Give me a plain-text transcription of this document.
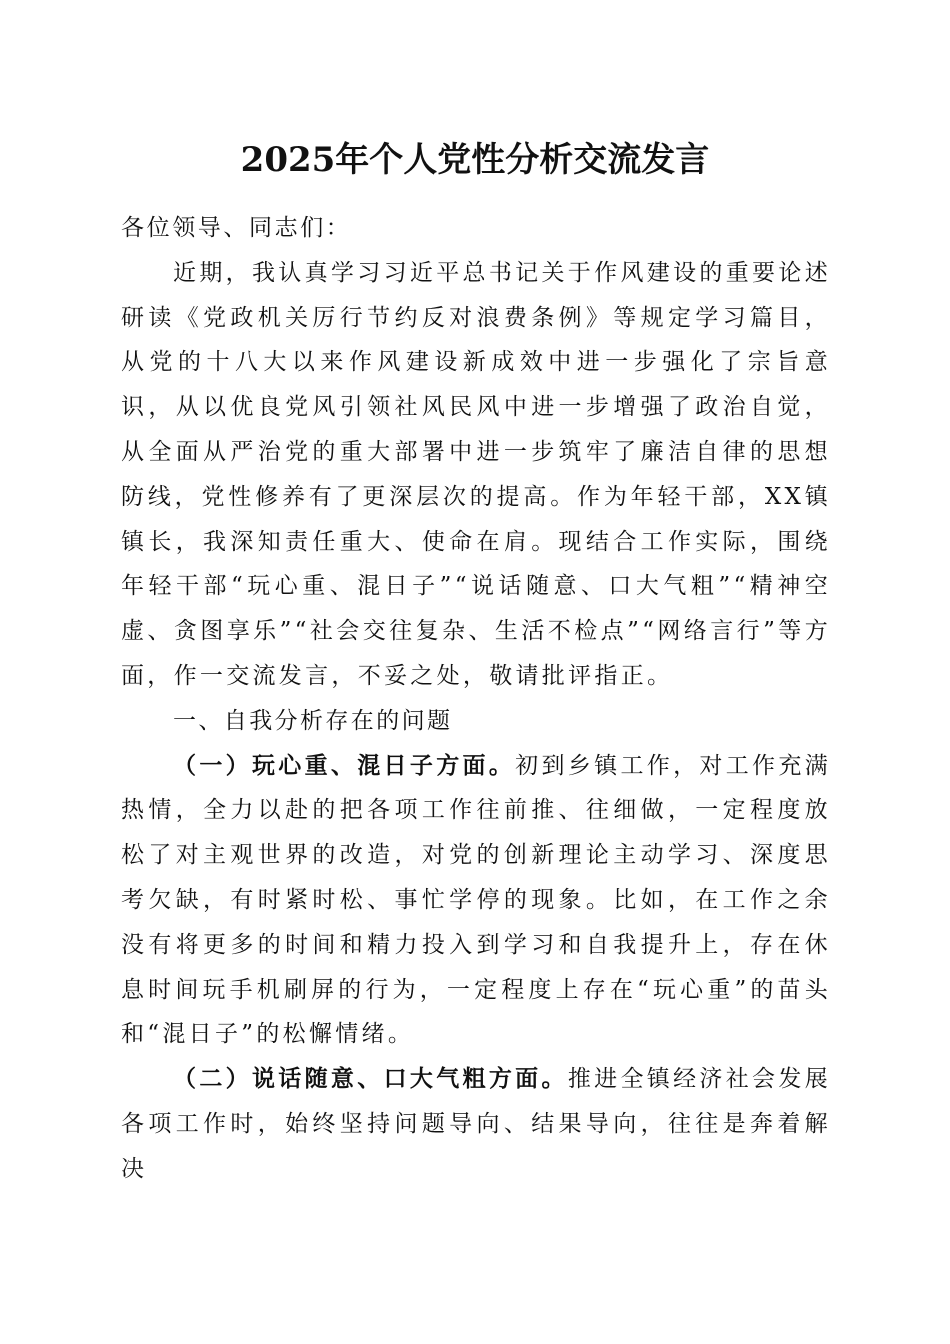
2025年个人党性分析交流发言

各位领导、同志们：

近期，我认真学习习近平总书记关于作风建设的重要论述研读《党政机关厉行节约反对浪费条例》等规定学习篇目，从党的十八大以来作风建设新成效中进一步强化了宗旨意识，从以优良党风引领社风民风中进一步增强了政治自觉，从全面从严治党的重大部署中进一步筑牢了廉洁自律的思想防线，党性修养有了更深层次的提高。作为年轻干部，XX镇镇长，我深知责任重大、使命在肩。现结合工作实际，围绕年轻干部“玩心重、混日子”“说话随意、口大气粗”“精神空虚、贪图享乐”“社会交往复杂、生活不检点”“网络言行”等方面，作一交流发言，不妥之处，敬请批评指正。

一、自我分析存在的问题

（一）玩心重、混日子方面。初到乡镇工作，对工作充满热情，全力以赴的把各项工作往前推、往细做，一定程度放松了对主观世界的改造，对党的创新理论主动学习、深度思考欠缺，有时紧时松、事忙学停的现象。比如，在工作之余没有将更多的时间和精力投入到学习和自我提升上，存在休息时间玩手机刷屏的行为，一定程度上存在“玩心重”的苗头和“混日子”的松懈情绪。

（二）说话随意、口大气粗方面。推进全镇经济社会发展各项工作时，始终坚持问题导向、结果导向，往往是奔着解决
